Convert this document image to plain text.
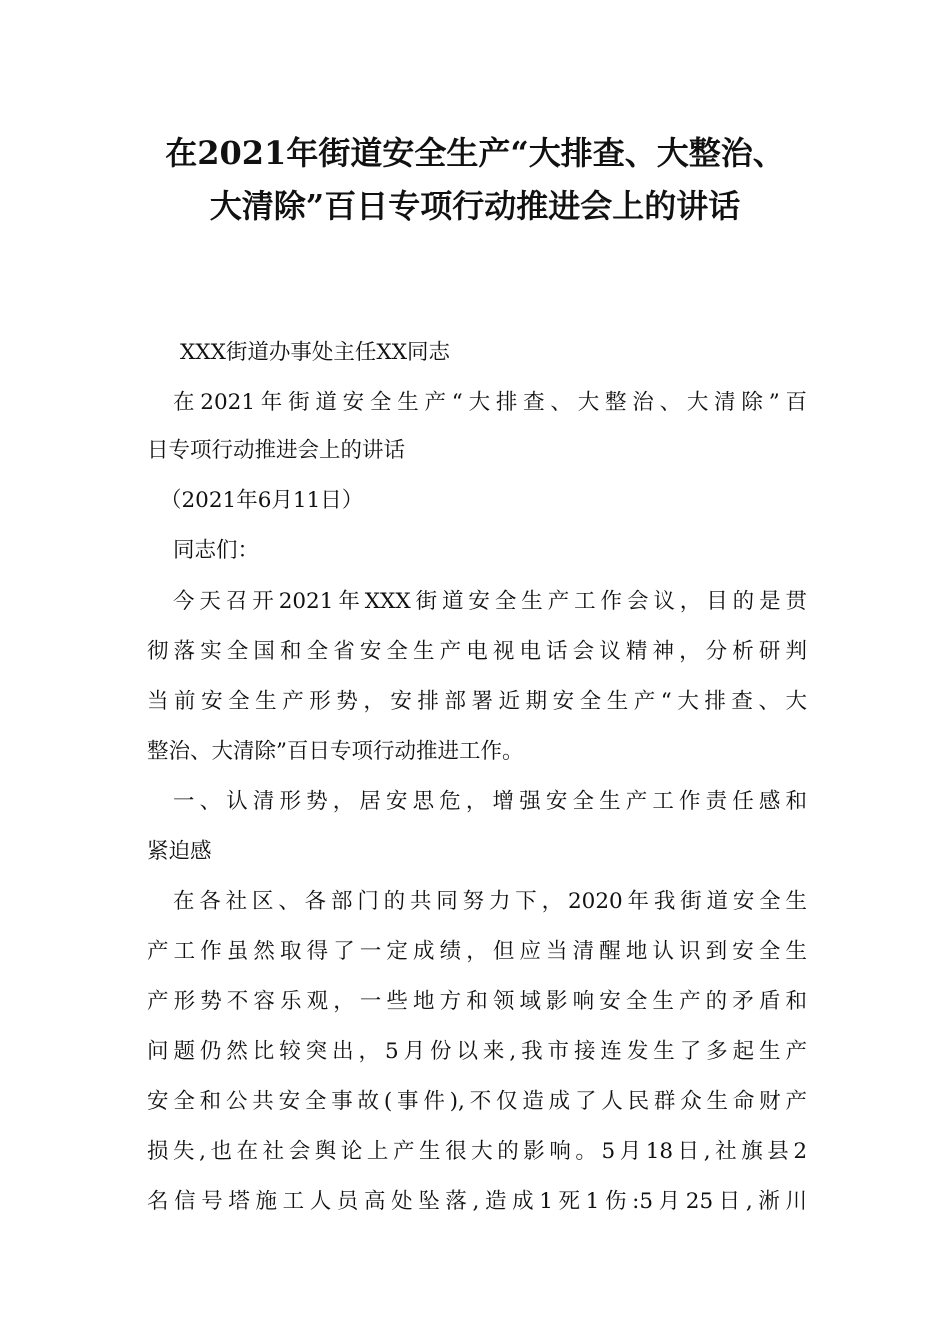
在2021年街道安全生产“大排查、大整治、
大清除”百日专项行动推进会上的讲话

XXX街道办事处主任XX同志

在2021年街道安全生产“大排查、大整治、大清除”百

日专项行动推进会上的讲话

（2021年6月11日）

同志们：

今天召开2021年XXX街道安全生产工作会议，目的是贯

彻落实全国和全省安全生产电视电话会议精神，分析研判

当前安全生产形势，安排部署近期安全生产“大排查、大

整治、大清除”百日专项行动推进工作。

一、认清形势，居安思危，增强安全生产工作责任感和

紧迫感

在各社区、各部门的共同努力下，2020年我街道安全生

产工作虽然取得了一定成绩，但应当清醒地认识到安全生

产形势不容乐观，一些地方和领域影响安全生产的矛盾和

问题仍然比较突出，5月份以来,我市接连发生了多起生产

安全和公共安全事故(事件),不仅造成了人民群众生命财产

损失,也在社会舆论上产生很大的影响。5月18日,社旗县2

名信号塔施工人员高处坠落,造成1死1伤:5月25日,淅川
